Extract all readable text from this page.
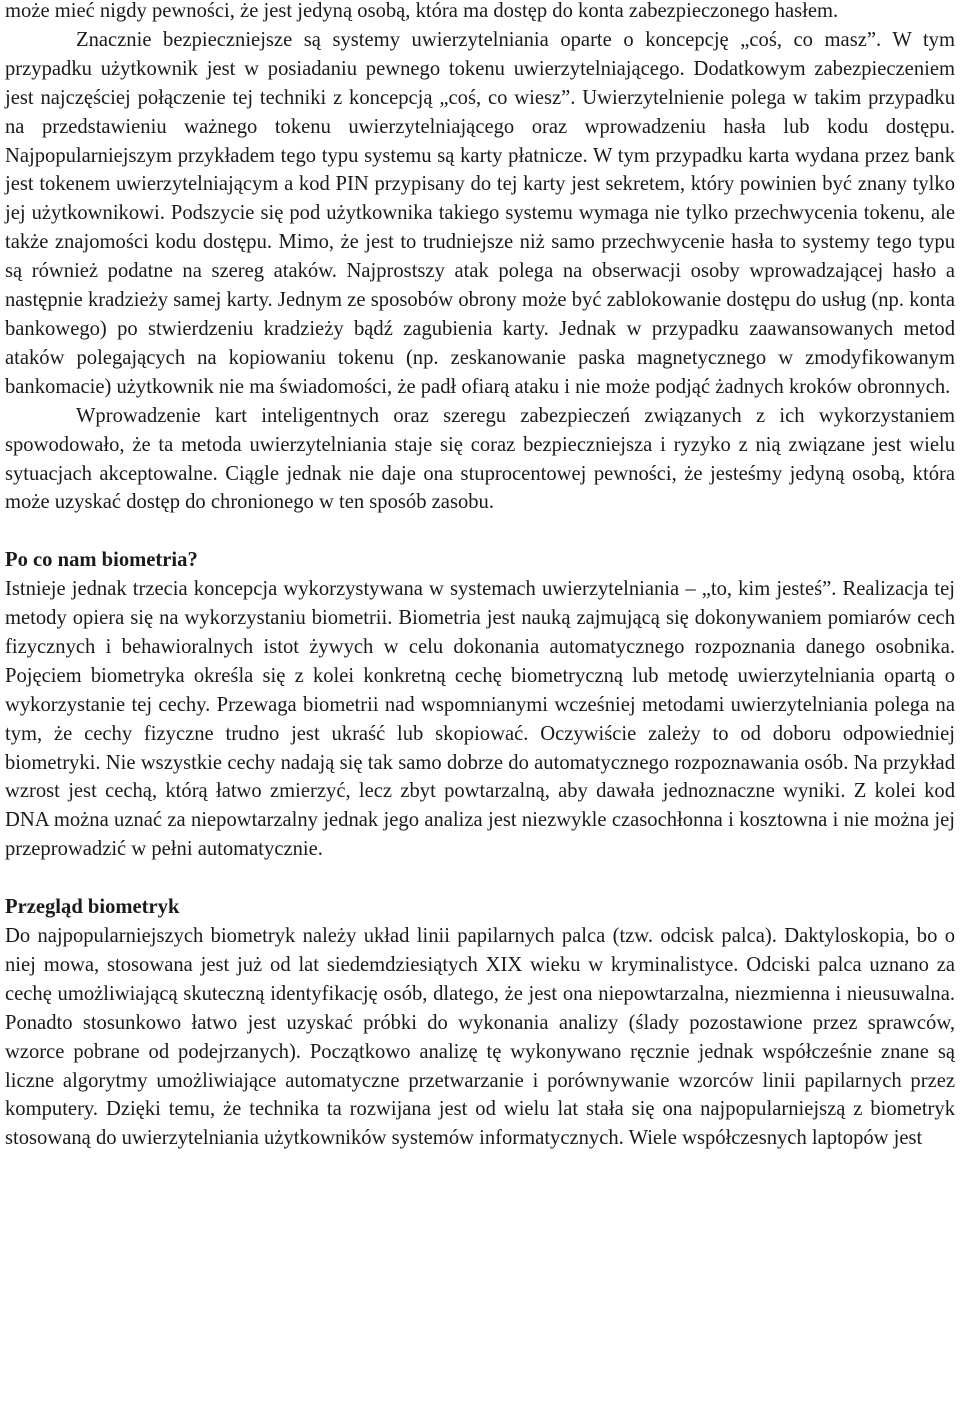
może mieć nigdy pewności, że jest jedyną osobą, która ma dostęp do konta zabezpieczonego hasłem.

Znacznie bezpieczniejsze są systemy uwierzytelniania oparte o koncepcję „coś, co masz”. W tym przypadku użytkownik jest w posiadaniu pewnego tokenu uwierzytelniającego. Dodatkowym zabezpieczeniem jest najczęściej połączenie tej techniki z koncepcją „coś, co wiesz”. Uwierzytelnienie polega w takim przypadku na przedstawieniu ważnego tokenu uwierzytelniającego oraz wprowadzeniu hasła lub kodu dostępu. Najpopularniejszym przykładem tego typu systemu są karty płatnicze. W tym przypadku karta wydana przez bank jest tokenem uwierzytelniającym a kod PIN przypisany do tej karty jest sekretem, który powinien być znany tylko jej użytkownikowi. Podszycie się pod użytkownika takiego systemu wymaga nie tylko przechwycenia tokenu, ale także znajomości kodu dostępu. Mimo, że jest to trudniejsze niż samo przechwycenie hasła to systemy tego typu są również podatne na szereg ataków. Najprostszy atak polega na obserwacji osoby wprowadzającej hasło a następnie kradzieży samej karty. Jednym ze sposobów obrony może być zablokowanie dostępu do usług (np. konta bankowego) po stwierdzeniu kradzieży bądź zagubienia karty. Jednak w przypadku zaawansowanych metod ataków polegających na kopiowaniu tokenu (np. zeskanowanie paska magnetycznego w zmodyfikowanym bankomacie) użytkownik nie ma świadomości, że padł ofiarą ataku i nie może podjąć żadnych kroków obronnych.

Wprowadzenie kart inteligentnych oraz szeregu zabezpieczeń związanych z ich wykorzystaniem spowodowało, że ta metoda uwierzytelniania staje się coraz bezpieczniejsza i ryzyko z nią związane jest wielu sytuacjach akceptowalne. Ciągle jednak nie daje ona stuprocentowej pewności, że jesteśmy jedyną osobą, która może uzyskać dostęp do chronionego w ten sposób zasobu.

Po co nam biometria?

Istnieje jednak trzecia koncepcja wykorzystywana w systemach uwierzytelniania – „to, kim jesteś”. Realizacja tej metody opiera się na wykorzystaniu biometrii. Biometria jest nauką zajmującą się dokonywaniem pomiarów cech fizycznych i behawioralnych istot żywych w celu dokonania automatycznego rozpoznania danego osobnika. Pojęciem biometryka określa się z kolei konkretną cechę biometryczną lub metodę uwierzytelniania opartą o wykorzystanie tej cechy. Przewaga biometrii nad wspomnianymi wcześniej metodami uwierzytelniania polega na tym, że cechy fizyczne trudno jest ukraść lub skopiować. Oczywiście zależy to od doboru odpowiedniej biometryki. Nie wszystkie cechy nadają się tak samo dobrze do automatycznego rozpoznawania osób. Na przykład wzrost jest cechą, którą łatwo zmierzyć, lecz zbyt powtarzalną, aby dawała jednoznaczne wyniki. Z kolei kod DNA można uznać za niepowtarzalny jednak jego analiza jest niezwykle czasochłonna i kosztowna i nie można jej przeprowadzić w pełni automatycznie.

Przegląd biometryk

Do najpopularniejszych biometryk należy układ linii papilarnych palca (tzw. odcisk palca). Daktyloskopia, bo o niej mowa, stosowana jest już od lat siedemdziesiątych XIX wieku w kryminalistyce. Odciski palca uznano za cechę umożliwiającą skuteczną identyfikację osób, dlatego, że jest ona niepowtarzalna, niezmienna i nieusuwalna. Ponadto stosunkowo łatwo jest uzyskać próbki do wykonania analizy (ślady pozostawione przez sprawców, wzorce pobrane od podejrzanych). Początkowo analizę tę wykonywano ręcznie jednak współcześnie znane są liczne algorytmy umożliwiające automatyczne przetwarzanie i porównywanie wzorców linii papilarnych przez komputery. Dzięki temu, że technika ta rozwijana jest od wielu lat stała się ona najpopularniejszą z biometryk stosowaną do uwierzytelniania użytkowników systemów informatycznych. Wiele współczesnych laptopów jest
